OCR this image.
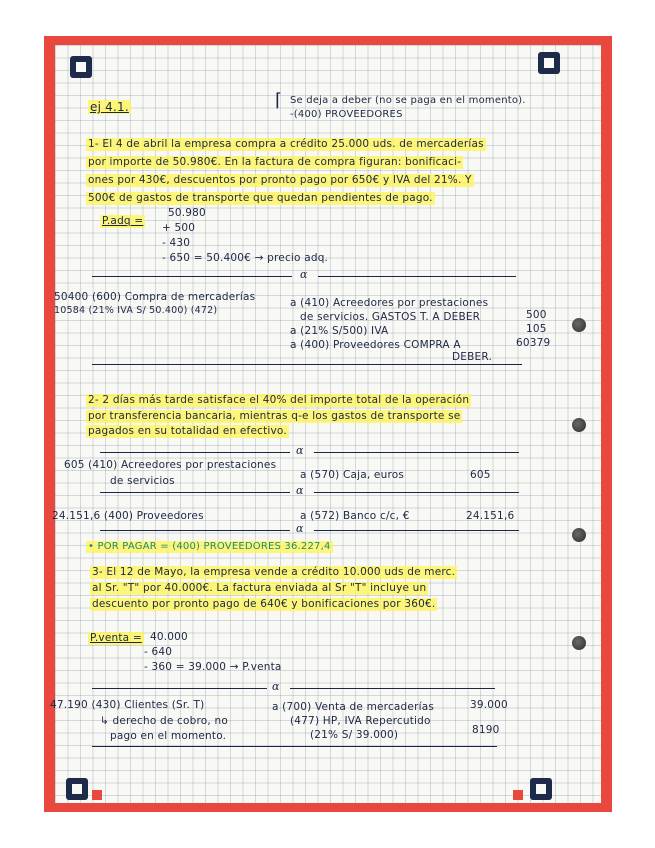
ej 4.1.	Se deja a deber (no se paga en el momento).
-(400) PROVEEDORES
⌈
1- El 4 de abril la empresa compra a crédito 25.000 uds. de mercaderías
por importe de 50.980€. En la factura de compra figuran: bonificaci-
ones por 430€, descuentos por pronto pago por 650€ y IVA del 21%. Y
500€ de gastos de transporte que quedan pendientes de pago.
P.adq =
50.980
+ 500
- 430
- 650 = 50.400€ → precio adq.
α
50400 (600) Compra de mercaderías
10584 (21% IVA S/ 50.400) (472)
a (410) Acreedores por prestaciones
de servicios. GASTOS T. A DEBER	500
a (21% S/500) IVA	105
a (400) Proveedores COMPRA A	60379
DEBER.
2- 2 días más tarde satisface el 40% del importe total de la operación
por transferencia bancaria, mientras q-e los gastos de transporte se
pagados en su totalidad en efectivo.
α
605 (410) Acreedores por prestaciones
de servicios	a (570) Caja, euros	605
α
24.151,6 (400) Proveedores	a (572) Banco c/c, €	24.151,6
α
• POR PAGAR = (400) PROVEEDORES 36.227,4
3- El 12 de Mayo, la empresa vende a crédito 10.000 uds de merc.
al Sr. "T" por 40.000€. La factura enviada al Sr "T" incluye un
descuento por pronto pago de 640€ y bonificaciones por 360€.
P.venta = 40.000
- 640
- 360 = 39.000 → P.venta
α
47.190 (430) Clientes (Sr. T)
↳ derecho de cobro, no
pago en el momento.
a (700) Venta de mercaderías	39.000
(477) HP, IVA Repercutido
(21% S/ 39.000)	8190
